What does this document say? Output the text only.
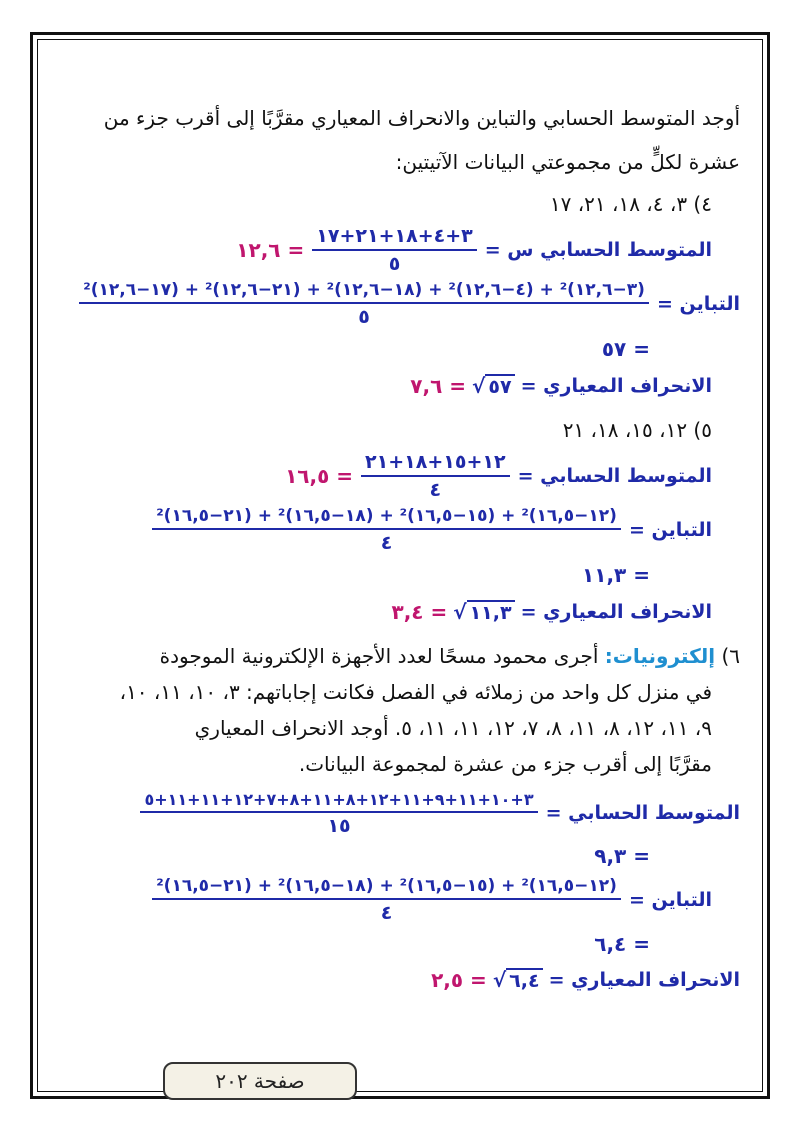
أوجد المتوسط الحسابي والتباين والانحراف المعياري مقرَّبًا إلى أقرب جزء من

عشرة لكلٍّ من مجموعتي البيانات الآتيتين:

٤) ٣، ٤، ١٨، ٢١، ١٧
المتوسط الحسابي س =
$\frac{٣+٤+١٨+٢١+١٧}{٥}$
= ١٢,٦
التباين =
$\frac{\text{(٣−١٢,٦)² + (٤−١٢,٦)² + (١٨−١٢,٦)² + (٢١−١٢,٦)² + (١٧−١٢,٦)²}}{٥}$
= ٥٧
الانحراف المعياري =
√ ٥٧
= ٧,٦
٥) ١٢، ١٥، ١٨، ٢١
المتوسط الحسابي =
$\frac{١٢+١٥+١٨+٢١}{٤}$
= ١٦,٥
التباين =
$\frac{\text{(١٢−١٦,٥)² + (١٥−١٦,٥)² + (١٨−١٦,٥)² + (٢١−١٦,٥)²}}{٤}$
= ١١,٣
الانحراف المعياري =
√ ١١,٣
= ٣,٤
٦) إلكترونيات: أجرى محمود مسحًا لعدد الأجهزة الإلكترونية الموجودة
في منزل كل واحد من زملائه في الفصل فكانت إجاباتهم: ٣، ١٠، ١١، ١٠،
٩، ١١، ١٢، ٨، ١١، ٨، ٧، ١٢، ١١، ١١، ٥. أوجد الانحراف المعياري
مقرَّبًا إلى أقرب جزء من عشرة لمجموعة البيانات.
المتوسط الحسابي =
$\frac{٣+١٠+١١+٩+١١+١٢+٨+١١+٨+٧+١٢+١١+١١+٥}{١٥}$
= ٩,٣
التباين =
$\frac{\text{(١٢−١٦,٥)² + (١٥−١٦,٥)² + (١٨−١٦,٥)² + (٢١−١٦,٥)²}}{٤}$
= ٦,٤
الانحراف المعياري =
√ ٦,٤
= ٢,٥
صفحة ٢٠٢
